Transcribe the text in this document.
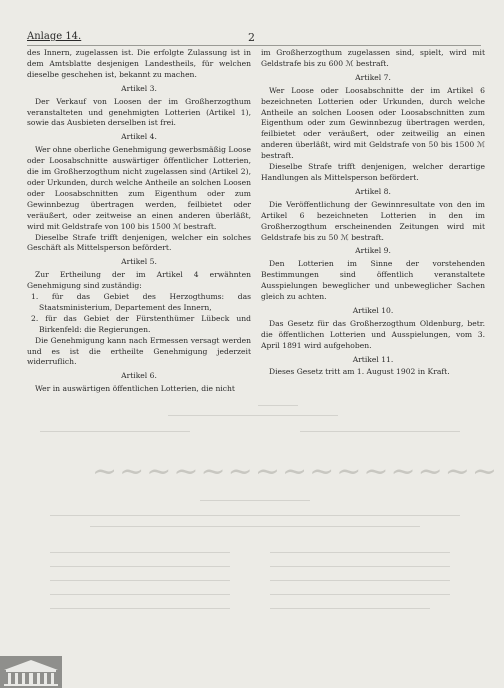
Anlage 14.	2

des Innern, zugelassen ist. Die erfolgte Zulassung ist in dem Amtsblatte desjenigen Landestheils, für welchen dieselbe geschehen ist, bekannt zu machen.

Artikel 3.

Der Verkauf von Loosen der im Großherzogthum veranstalteten und genehmigten Lotterien (Artikel 1), sowie das Ausbieten derselben ist frei.

Artikel 4.

Wer ohne oberliche Genehmigung gewerbsmäßig Loose oder Loosabschnitte auswärtiger öffentlicher Lotterien, die im Großherzogthum nicht zugelassen sind (Artikel 2), oder Urkunden, durch welche Antheile an solchen Loosen oder Loosabschnitten zum Eigenthum oder zum Gewinnbezug übertragen werden, feilbietet oder veräußert, oder zeitweise an einen anderen überläßt, wird mit Geldstrafe von 100 bis 1500 ℳ bestraft.

Dieselbe Strafe trifft denjenigen, welcher ein solches Geschäft als Mittelsperson befördert.

Artikel 5.

Zur Ertheilung der im Artikel 4 erwähnten Genehmigung sind zuständig:

1. für das Gebiet des Herzogthums: das Staatsministerium, Departement des Innern,

2. für das Gebiet der Fürstenthümer Lübeck und Birkenfeld: die Regierungen.

Die Genehmigung kann nach Ermessen versagt werden und es ist die ertheilte Genehmigung jederzeit widerruflich.

Artikel 6.

Wer in auswärtigen öffentlichen Lotterien, die nicht

im Großherzogthum zugelassen sind, spielt, wird mit Geldstrafe bis zu 600 ℳ bestraft.

Artikel 7.

Wer Loose oder Loosabschnitte der im Artikel 6 bezeichneten Lotterien oder Urkunden, durch welche Antheile an solchen Loosen oder Loosabschnitten zum Eigenthum oder zum Gewinnbezug übertragen werden, feilbietet oder veräußert, oder zeitweilig an einen anderen überläßt, wird mit Geldstrafe von 50 bis 1500 ℳ bestraft.

Dieselbe Strafe trifft denjenigen, welcher derartige Handlungen als Mittelsperson befördert.

Artikel 8.

Die Veröffentlichung der Gewinnresultate von den im Artikel 6 bezeichneten Lotterien in den im Großherzogthum erscheinenden Zeitungen wird mit Geldstrafe bis zu 50 ℳ bestraft.

Artikel 9.

Den Lotterien im Sinne der vorstehenden Bestimmungen sind öffentlich veranstaltete Ausspielungen beweglicher und unbeweglicher Sachen gleich zu achten.

Artikel 10.

Das Gesetz für das Großherzogthum Oldenburg, betr. die öffentlichen Lotterien und Ausspielungen, vom 3. April 1891 wird aufgehoben.

Artikel 11.

Dieses Gesetz tritt am 1. August 1902 in Kraft.

~~~~~~~~~~~~~~~
